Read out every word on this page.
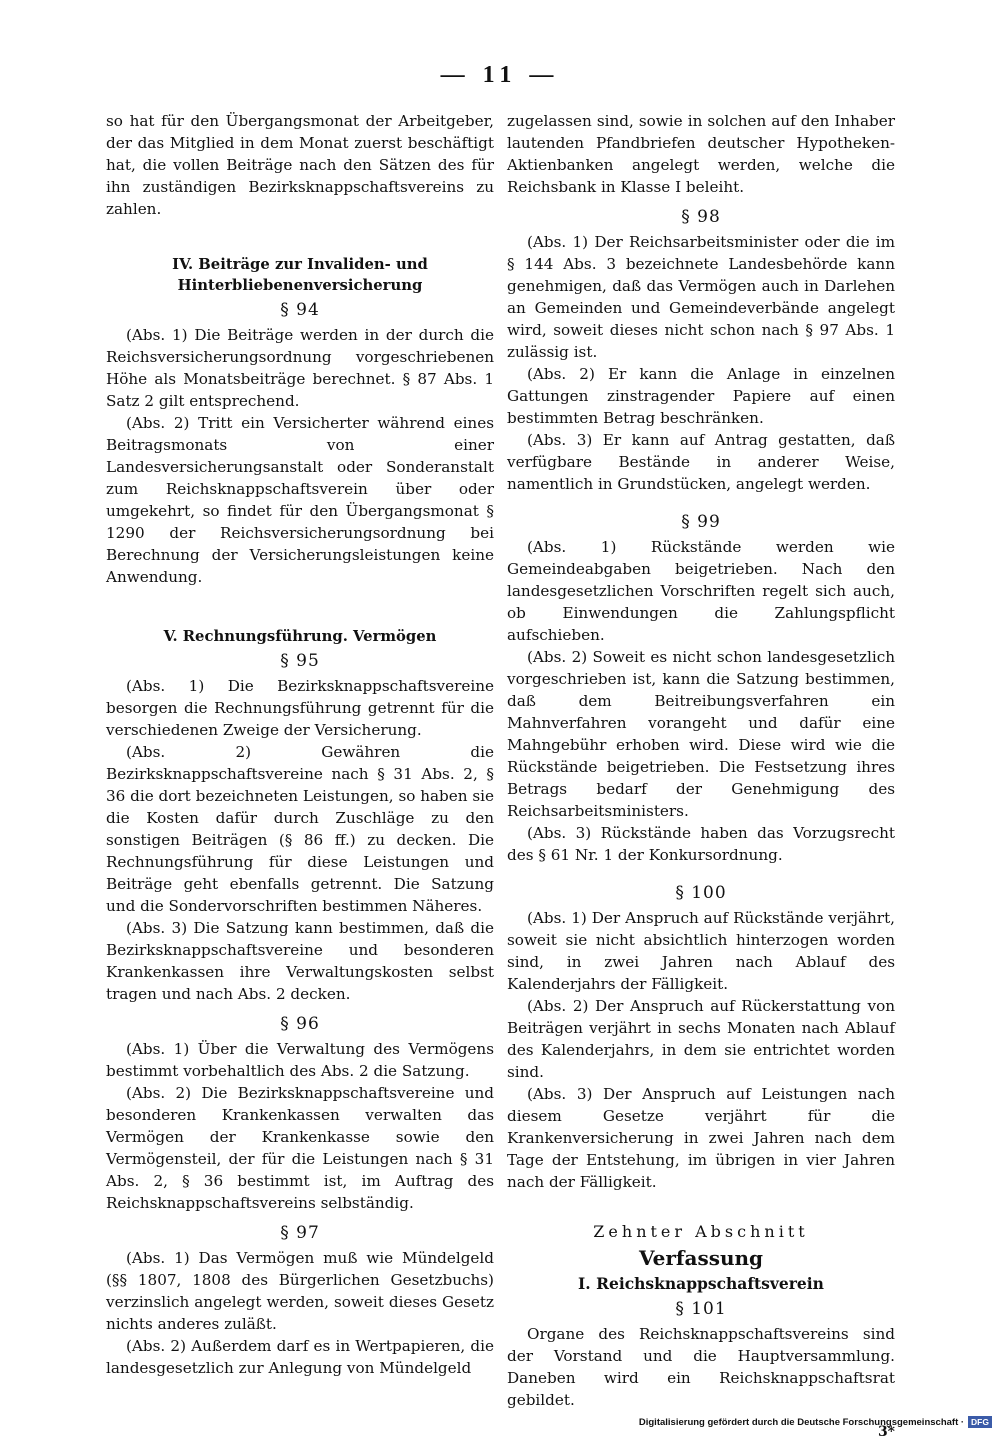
— 11 —

so hat für den Übergangsmonat der Arbeitgeber, der das Mitglied in dem Monat zuerst beschäftigt hat, die vollen Beiträge nach den Sätzen des für ihn zuständigen Bezirksknappschaftsvereins zu zahlen.

IV. Beiträge zur Invaliden- und Hinterbliebenenversicherung
§ 94

(Abs. 1) Die Beiträge werden in der durch die Reichsversicherungsordnung vorgeschriebenen Höhe als Monatsbeiträge berechnet. § 87 Abs. 1 Satz 2 gilt entsprechend.

(Abs. 2) Tritt ein Versicherter während eines Beitragsmonats von einer Landesversicherungsanstalt oder Sonderanstalt zum Reichsknappschaftsverein über oder umgekehrt, so findet für den Übergangsmonat § 1290 der Reichsversicherungsordnung bei Berechnung der Versicherungsleistungen keine Anwendung.

V. Rechnungsführung. Vermögen
§ 95

(Abs. 1) Die Bezirksknappschaftsvereine besorgen die Rechnungsführung getrennt für die verschiedenen Zweige der Versicherung.

(Abs. 2) Gewähren die Bezirksknappschaftsvereine nach § 31 Abs. 2, § 36 die dort bezeichneten Leistungen, so haben sie die Kosten dafür durch Zuschläge zu den sonstigen Beiträgen (§ 86 ff.) zu decken. Die Rechnungsführung für diese Leistungen und Beiträge geht ebenfalls getrennt. Die Satzung und die Sondervorschriften bestimmen Näheres.

(Abs. 3) Die Satzung kann bestimmen, daß die Bezirksknappschaftsvereine und besonderen Krankenkassen ihre Verwaltungskosten selbst tragen und nach Abs. 2 decken.

§ 96

(Abs. 1) Über die Verwaltung des Vermögens bestimmt vorbehaltlich des Abs. 2 die Satzung.

(Abs. 2) Die Bezirksknappschaftsvereine und besonderen Krankenkassen verwalten das Vermögen der Krankenkasse sowie den Vermögensteil, der für die Leistungen nach § 31 Abs. 2, § 36 bestimmt ist, im Auftrag des Reichsknappschaftsvereins selbständig.

§ 97

(Abs. 1) Das Vermögen muß wie Mündelgeld (§§ 1807, 1808 des Bürgerlichen Gesetzbuchs) verzinslich angelegt werden, soweit dieses Gesetz nichts anderes zuläßt.

(Abs. 2) Außerdem darf es in Wertpapieren, die landesgesetzlich zur Anlegung von Mündelgeld

zugelassen sind, sowie in solchen auf den Inhaber lautenden Pfandbriefen deutscher Hypotheken-Aktienbanken angelegt werden, welche die Reichsbank in Klasse I beleiht.

§ 98

(Abs. 1) Der Reichsarbeitsminister oder die im § 144 Abs. 3 bezeichnete Landesbehörde kann genehmigen, daß das Vermögen auch in Darlehen an Gemeinden und Gemeindeverbände angelegt wird, soweit dieses nicht schon nach § 97 Abs. 1 zulässig ist.

(Abs. 2) Er kann die Anlage in einzelnen Gattungen zinstragender Papiere auf einen bestimmten Betrag beschränken.

(Abs. 3) Er kann auf Antrag gestatten, daß verfügbare Bestände in anderer Weise, namentlich in Grundstücken, angelegt werden.

§ 99

(Abs. 1) Rückstände werden wie Gemeindeabgaben beigetrieben. Nach den landesgesetzlichen Vorschriften regelt sich auch, ob Einwendungen die Zahlungspflicht aufschieben.

(Abs. 2) Soweit es nicht schon landesgesetzlich vorgeschrieben ist, kann die Satzung bestimmen, daß dem Beitreibungsverfahren ein Mahnverfahren vorangeht und dafür eine Mahngebühr erhoben wird. Diese wird wie die Rückstände beigetrieben. Die Festsetzung ihres Betrags bedarf der Genehmigung des Reichsarbeitsministers.

(Abs. 3) Rückstände haben das Vorzugsrecht des § 61 Nr. 1 der Konkursordnung.

§ 100

(Abs. 1) Der Anspruch auf Rückstände verjährt, soweit sie nicht absichtlich hinterzogen worden sind, in zwei Jahren nach Ablauf des Kalenderjahrs der Fälligkeit.

(Abs. 2) Der Anspruch auf Rückerstattung von Beiträgen verjährt in sechs Monaten nach Ablauf des Kalenderjahrs, in dem sie entrichtet worden sind.

(Abs. 3) Der Anspruch auf Leistungen nach diesem Gesetze verjährt für die Krankenversicherung in zwei Jahren nach dem Tage der Entstehung, im übrigen in vier Jahren nach der Fälligkeit.

Zehnter Abschnitt
Verfassung
I. Reichsknappschaftsverein
§ 101

Organe des Reichsknappschaftsvereins sind der Vorstand und die Hauptversammlung. Daneben wird ein Reichsknappschaftsrat gebildet.

3*
Digitalisierung gefördert durch die Deutsche Forschungsgemeinschaft · DFG
